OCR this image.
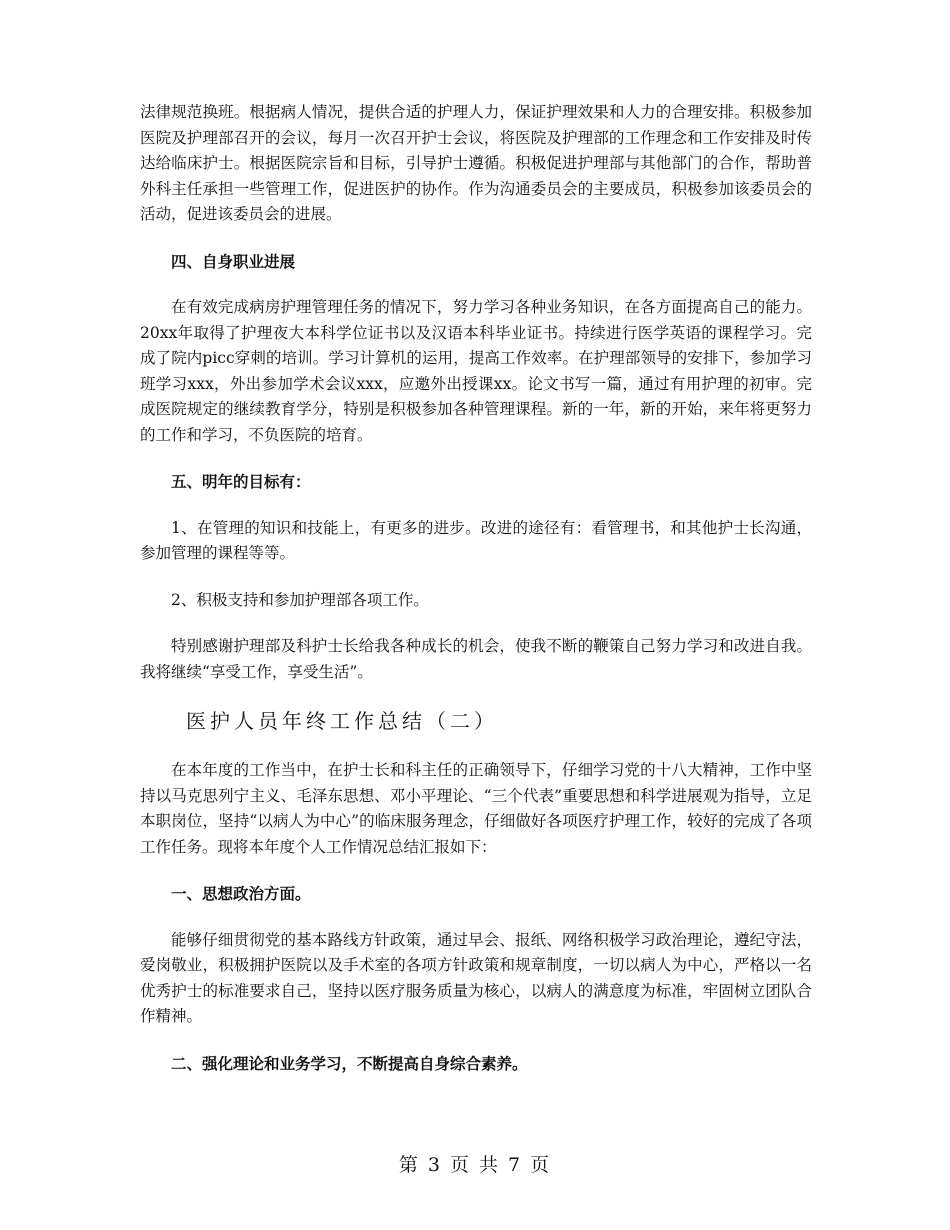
法律规范换班。根据病人情况，提供合适的护理人力，保证护理效果和人力的合理安排。积极参加医院及护理部召开的会议，每月一次召开护士会议，将医院及护理部的工作理念和工作安排及时传达给临床护士。根据医院宗旨和目标，引导护士遵循。积极促进护理部与其他部门的合作，帮助普外科主任承担一些管理工作，促进医护的协作。作为沟通委员会的主要成员，积极参加该委员会的活动，促进该委员会的进展。

四、自身职业进展

在有效完成病房护理管理任务的情况下，努力学习各种业务知识，在各方面提高自己的能力。20xx年取得了护理夜大本科学位证书以及汉语本科毕业证书。持续进行医学英语的课程学习。完成了院内picc穿刺的培训。学习计算机的运用，提高工作效率。在护理部领导的安排下，参加学习班学习xxx，外出参加学术会议xxx，应邀外出授课xx。论文书写一篇，通过有用护理的初审。完成医院规定的继续教育学分，特别是积极参加各种管理课程。新的一年，新的开始，来年将更努力的工作和学习，不负医院的培育。

五、明年的目标有：

1、在管理的知识和技能上，有更多的进步。改进的途径有：看管理书，和其他护士长沟通，参加管理的课程等等。

2、积极支持和参加护理部各项工作。

特别感谢护理部及科护士长给我各种成长的机会，使我不断的鞭策自己努力学习和改进自我。我将继续“享受工作，享受生活”。

医护人员年终工作总结（二）

在本年度的工作当中，在护士长和科主任的正确领导下，仔细学习党的十八大精神，工作中坚持以马克思列宁主义、毛泽东思想、邓小平理论、“三个代表”重要思想和科学进展观为指导，立足本职岗位，坚持“以病人为中心”的临床服务理念，仔细做好各项医疗护理工作，较好的完成了各项工作任务。现将本年度个人工作情况总结汇报如下：

一、思想政治方面。

能够仔细贯彻党的基本路线方针政策，通过早会、报纸、网络积极学习政治理论，遵纪守法，爱岗敬业，积极拥护医院以及手术室的各项方针政策和规章制度，一切以病人为中心，严格以一名优秀护士的标准要求自己，坚持以医疗服务质量为核心，以病人的满意度为标准，牢固树立团队合作精神。

二、强化理论和业务学习，不断提高自身综合素养。

第 3 页 共 7 页
